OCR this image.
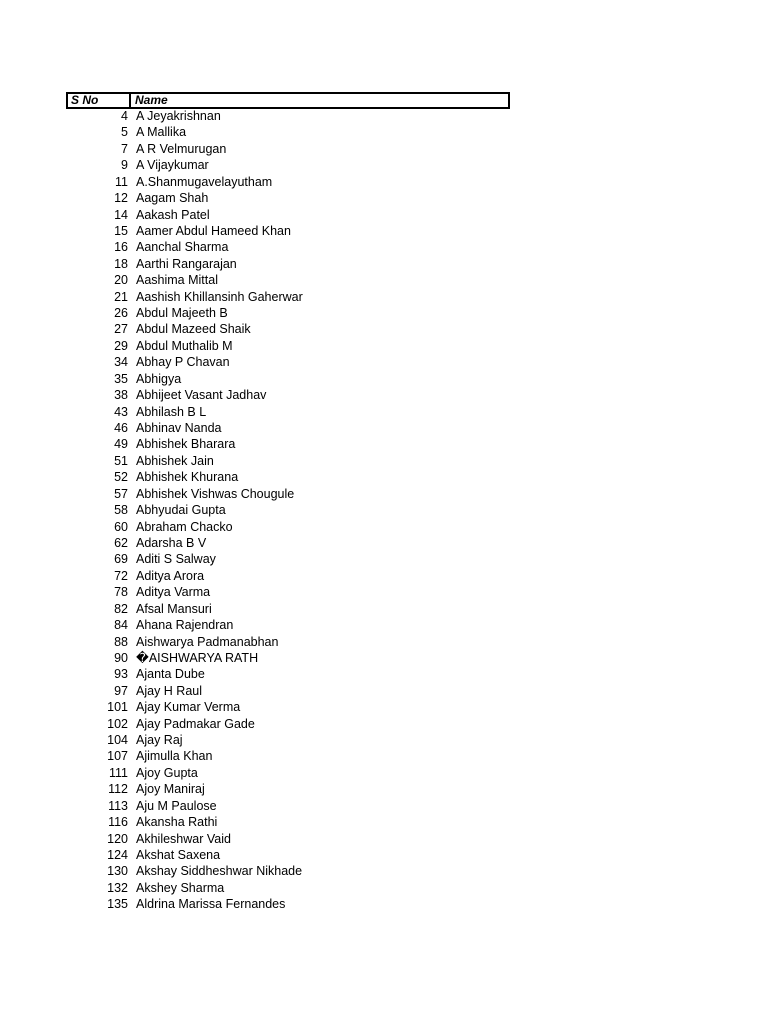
S No	Name
4 A Jeyakrishnan
5 A Mallika
7 A R Velmurugan
9 A Vijaykumar
11 A.Shanmugavelayutham
12 Aagam Shah
14 Aakash Patel
15 Aamer Abdul Hameed Khan
16 Aanchal Sharma
18 Aarthi Rangarajan
20 Aashima Mittal
21 Aashish Khillansinh Gaherwar
26 Abdul Majeeth B
27 Abdul Mazeed Shaik
29 Abdul Muthalib M
34 Abhay P Chavan
35 Abhigya
38 Abhijeet Vasant Jadhav
43 Abhilash B L
46 Abhinav Nanda
49 Abhishek Bharara
51 Abhishek Jain
52 Abhishek Khurana
57 Abhishek Vishwas Chougule
58 Abhyudai Gupta
60 Abraham Chacko
62 Adarsha B V
69 Aditi S Salway
72 Aditya Arora
78 Aditya Varma
82 Afsal Mansuri
84 Ahana Rajendran
88 Aishwarya Padmanabhan
90 �AISHWARYA RATH
93 Ajanta Dube
97 Ajay H Raul
101 Ajay Kumar Verma
102 Ajay Padmakar Gade
104 Ajay Raj
107 Ajimulla Khan
111 Ajoy Gupta
112 Ajoy Maniraj
113 Aju M Paulose
116 Akansha Rathi
120 Akhileshwar Vaid
124 Akshat Saxena
130 Akshay Siddheshwar Nikhade
132 Akshey Sharma
135 Aldrina Marissa Fernandes
